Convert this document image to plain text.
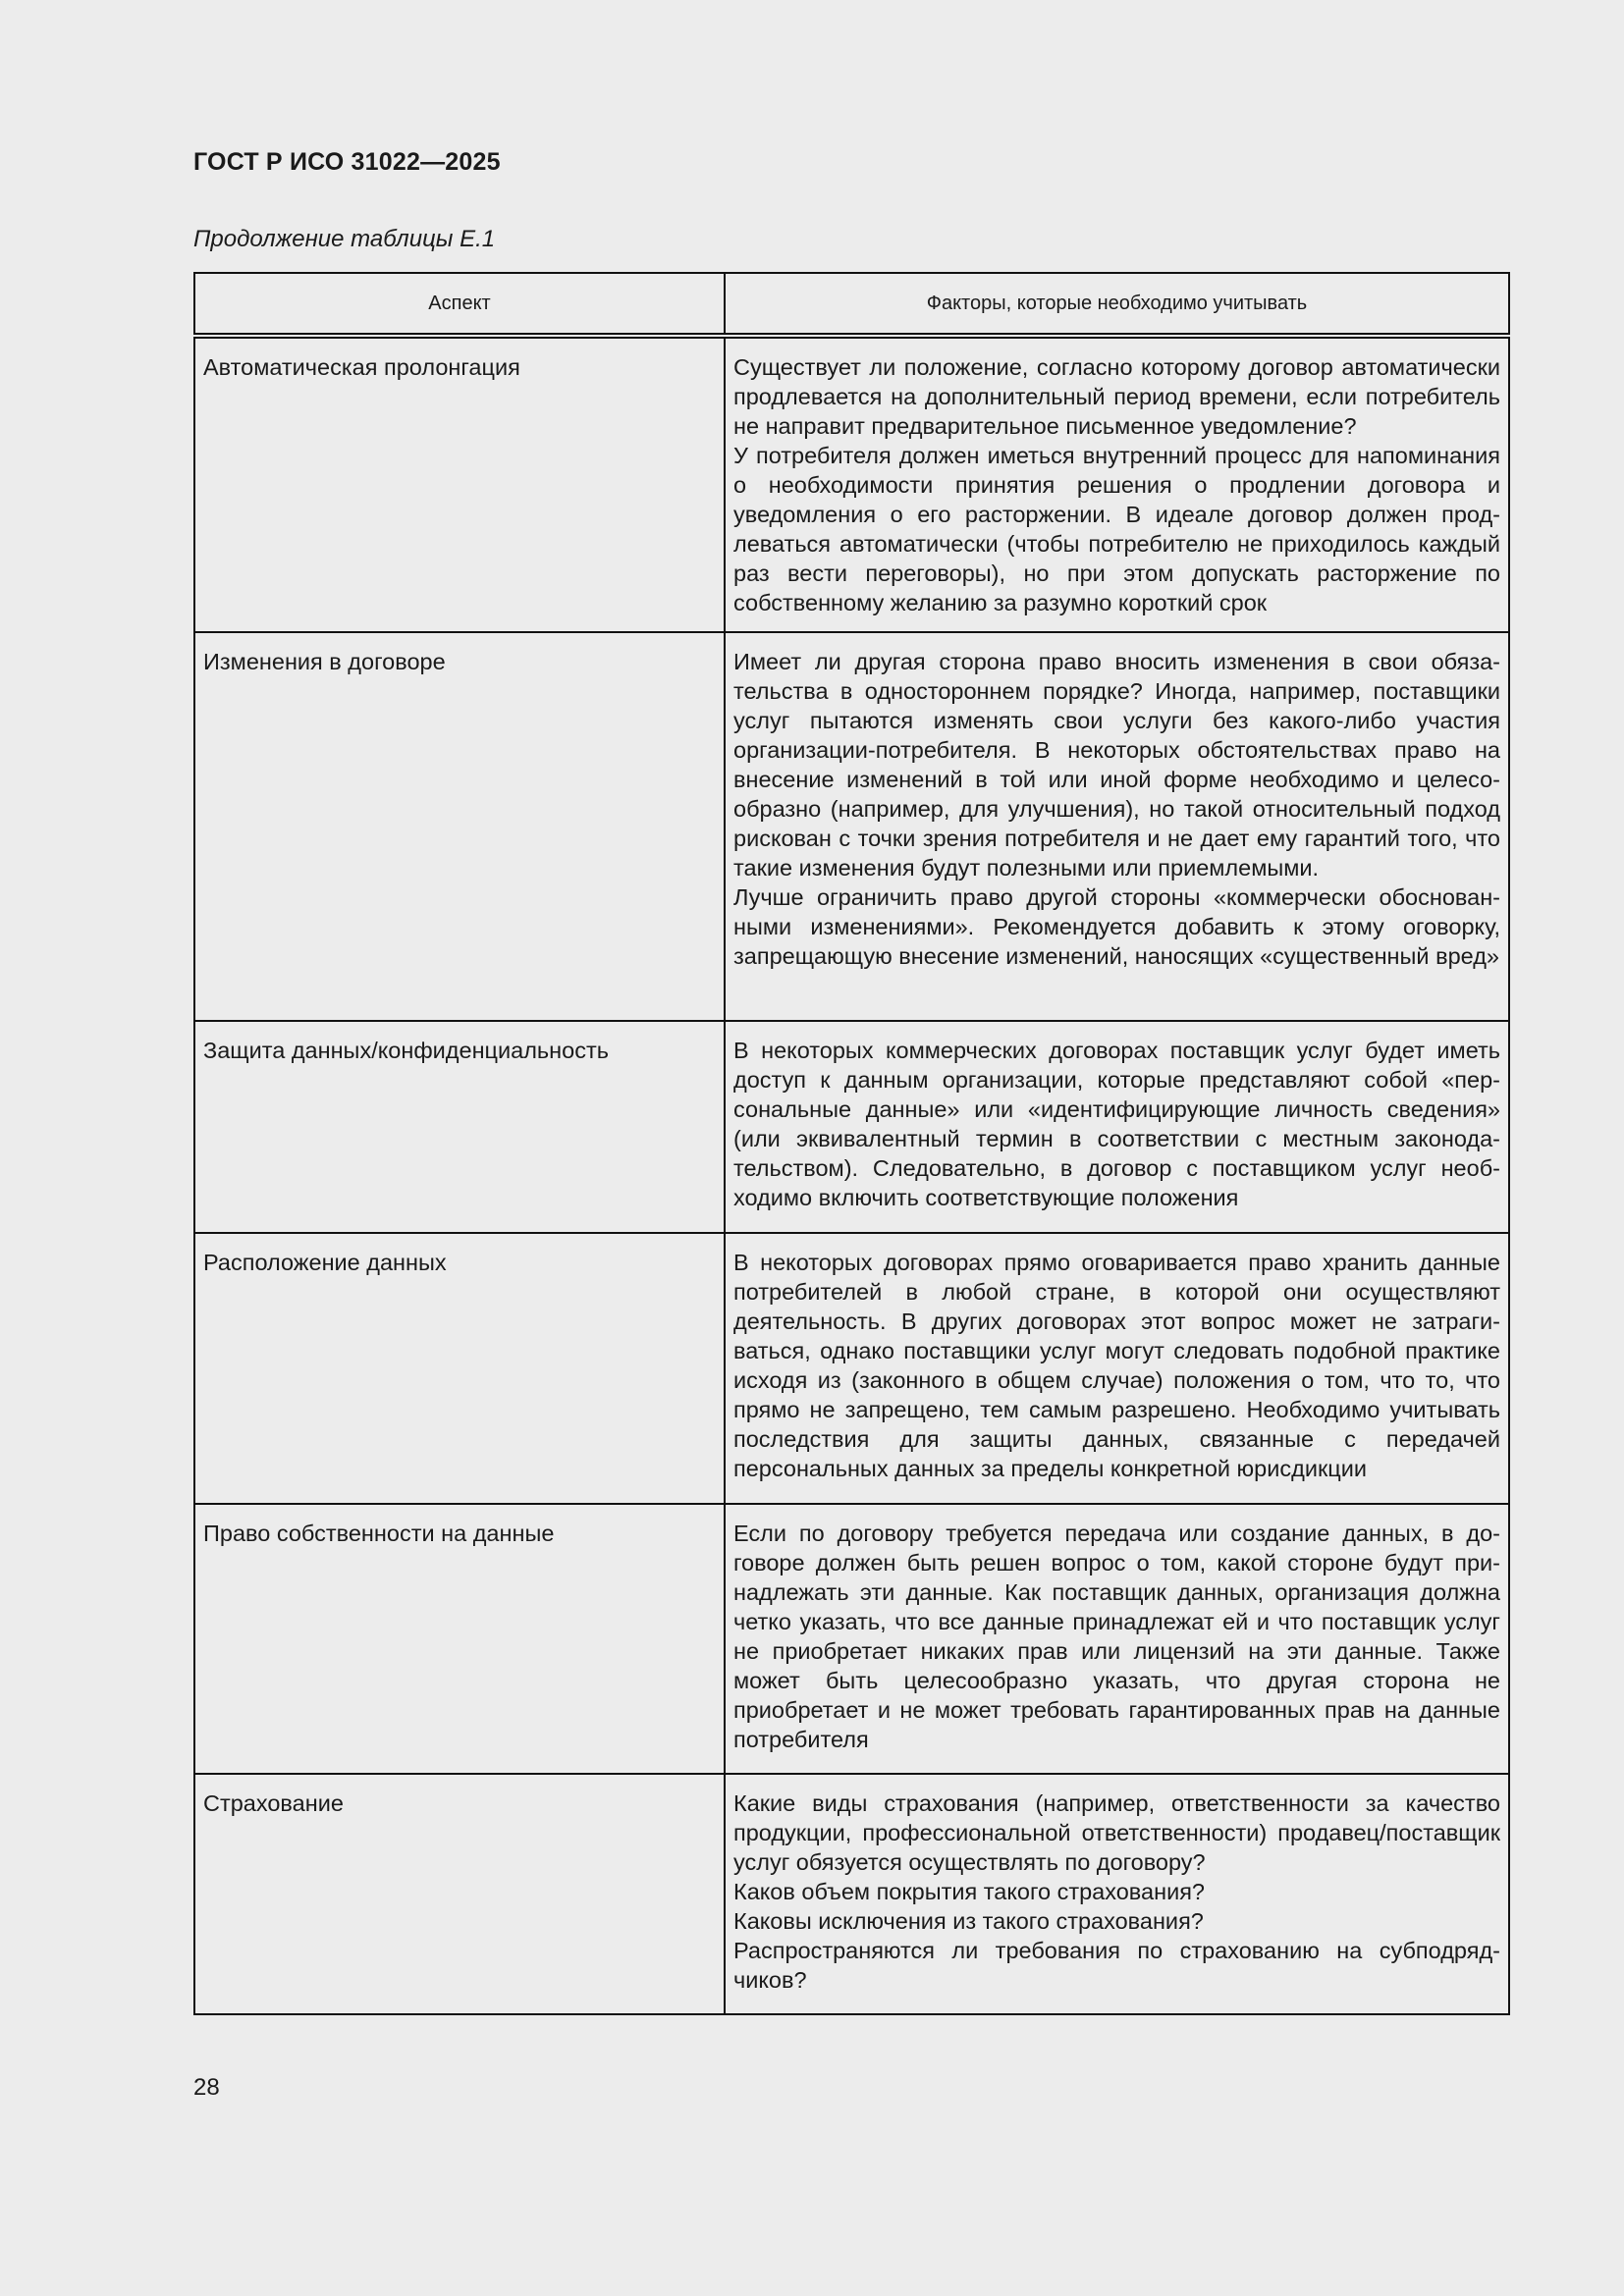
ГОСТ Р ИСО 31022—2025
Продолжение таблицы Е.1
Аспект	Факторы, которые необходимо учитывать
Автоматическая пролонгация	Существует ли положение, согласно которому договор автоматически продлевается на дополнительный период времени, если потребитель не направит предварительное письменное уведомление?
У потребителя должен иметься внутренний процесс для напоминания о необходимости принятия решения о продлении договора и уведомления о его расторжении. В идеале договор должен продлеваться автоматически (чтобы потребителю не приходилось каждый раз вести переговоры), но при этом допускать расторжение по собственному желанию за разумно короткий срок

Изменения в договоре	Имеет ли другая сторона право вносить изменения в свои обязательства в одностороннем порядке? Иногда, например, поставщики услуг пытаются изменять свои услуги без какого-либо участия организации-потребителя. В некоторых обстоятельствах право на внесение изменений в той или иной форме необходимо и целесообразно (например, для улучшения), но такой относительный подход рискован с точки зрения потребителя и не дает ему гарантий того, что такие изменения будут полезными или приемлемыми.
Лучше ограничить право другой стороны «коммерчески обоснованными изменениями». Рекомендуется добавить к этому оговорку, запрещающую внесение изменений, наносящих «существенный вред»

Защита данных/конфиденциальность	В некоторых коммерческих договорах поставщик услуг будет иметь доступ к данным организации, которые представляют собой «персональные данные» или «идентифицирующие личность сведения» (или эквивалентный термин в соответствии с местным законодательством). Следовательно, в договор с поставщиком услуг необходимо включить соответствующие положения

Расположение данных	В некоторых договорах прямо оговаривается право хранить данные потребителей в любой стране, в которой они осуществляют деятельность. В других договорах этот вопрос может не затрагиваться, однако поставщики услуг могут следовать подобной практике исходя из (законного в общем случае) положения о том, что то, что прямо не запрещено, тем самым разрешено. Необходимо учитывать последствия для защиты данных, связанные с передачей персональных данных за пределы конкретной юрисдикции

Право собственности на данные	Если по договору требуется передача или создание данных, в договоре должен быть решен вопрос о том, какой стороне будут принадлежать эти данные. Как поставщик данных, организация должна четко указать, что все данные принадлежат ей и что поставщик услуг не приобретает никаких прав или лицензий на эти данные. Также может быть целесообразно указать, что другая сторона не приобретает и не может требовать гарантированных прав на данные потребителя

Страхование	Какие виды страхования (например, ответственности за качество продукции, профессиональной ответственности) продавец/поставщик услуг обязуется осуществлять по договору?
Каков объем покрытия такого страхования?
Каковы исключения из такого страхования?
Распространяются ли требования по страхованию на субподрядчиков?
28
